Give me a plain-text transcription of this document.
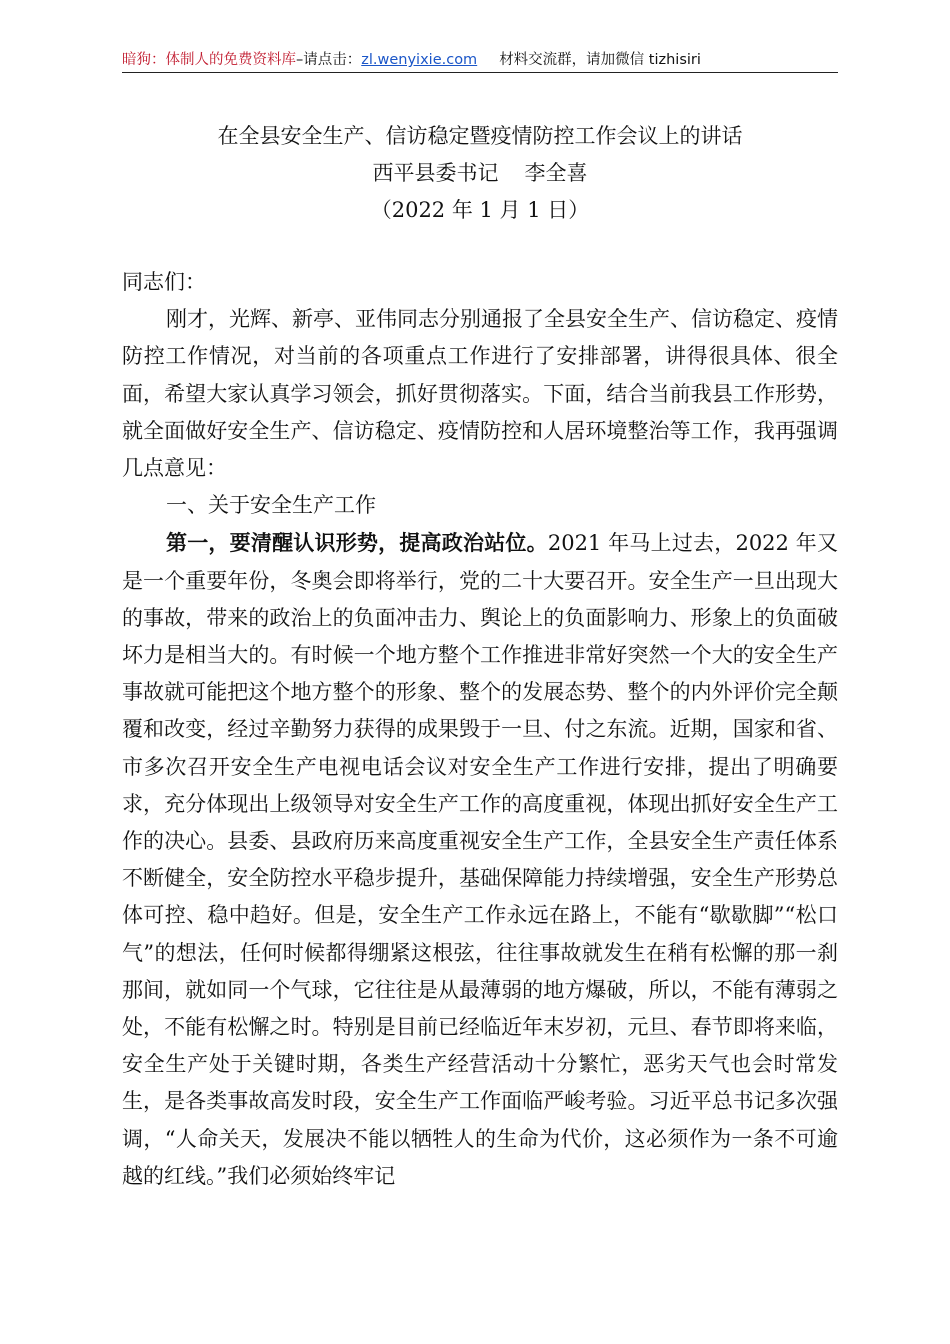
暗狗：体制人的免费资料库–请点击：zl.wenyixie.com 材料交流群，请加微信 tizhisiri
在全县安全生产、信访稳定暨疫情防控工作会议上的讲话
西平县委书记 李全喜
（2022 年 1 月 1 日）

同志们：

刚才，光辉、新亭、亚伟同志分别通报了全县安全生产、信访稳定、疫情防控工作情况，对当前的各项重点工作进行了安排部署，讲得很具体、很全面，希望大家认真学习领会，抓好贯彻落实。下面，结合当前我县工作形势，就全面做好安全生产、信访稳定、疫情防控和人居环境整治等工作，我再强调几点意见：

一、关于安全生产工作

第一，要清醒认识形势，提高政治站位。2021 年马上过去，2022 年又是一个重要年份，冬奥会即将举行，党的二十大要召开。安全生产一旦出现大的事故，带来的政治上的负面冲击力、舆论上的负面影响力、形象上的负面破坏力是相当大的。有时候一个地方整个工作推进非常好突然一个大的安全生产事故就可能把这个地方整个的形象、整个的发展态势、整个的内外评价完全颠覆和改变，经过辛勤努力获得的成果毁于一旦、付之东流。近期，国家和省、市多次召开安全生产电视电话会议对安全生产工作进行安排，提出了明确要求，充分体现出上级领导对安全生产工作的高度重视，体现出抓好安全生产工作的决心。县委、县政府历来高度重视安全生产工作，全县安全生产责任体系不断健全，安全防控水平稳步提升，基础保障能力持续增强，安全生产形势总体可控、稳中趋好。但是，安全生产工作永远在路上，不能有“歇歇脚”“松口气”的想法，任何时候都得绷紧这根弦，往往事故就发生在稍有松懈的那一刹那间，就如同一个气球，它往往是从最薄弱的地方爆破，所以，不能有薄弱之处，不能有松懈之时。特别是目前已经临近年末岁初，元旦、春节即将来临，安全生产处于关键时期，各类生产经营活动十分繁忙，恶劣天气也会时常发生，是各类事故高发时段，安全生产工作面临严峻考验。习近平总书记多次强调，“人命关天，发展决不能以牺牲人的生命为代价，这必须作为一条不可逾越的红线。”我们必须始终牢记
